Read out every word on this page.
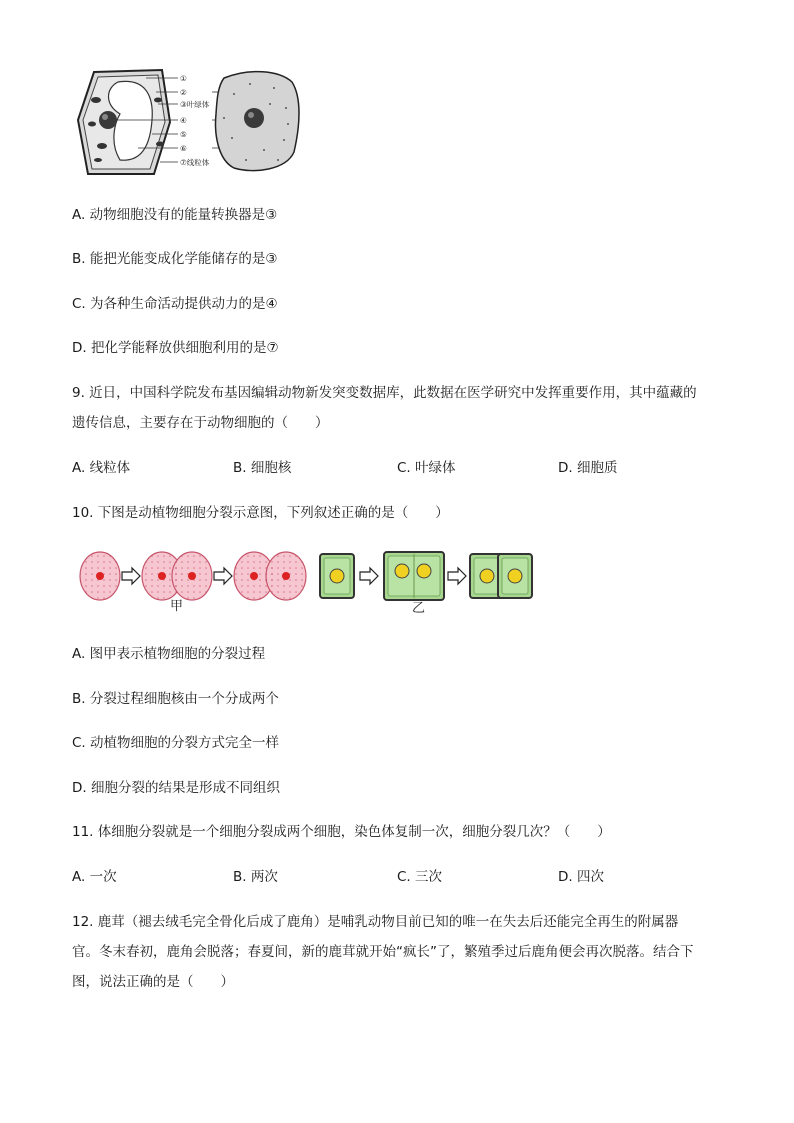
①
②
③叶绿体
④
⑤
⑥
⑦线粒体
A. 动物细胞没有的能量转换器是③
B. 能把光能变成化学能储存的是③
C. 为各种生命活动提供动力的是④
D. 把化学能释放供细胞利用的是⑦
9. 近日，中国科学院发布基因编辑动物新发突变数据库，此数据在医学研究中发挥重要作用，其中蕴藏的
遗传信息，主要存在于动物细胞的（　　）
A. 线粒体	B. 细胞核	C. 叶绿体	D. 细胞质
10. 下图是动植物细胞分裂示意图，下列叙述正确的是（　　）
甲	乙
A. 图甲表示植物细胞的分裂过程
B. 分裂过程细胞核由一个分成两个
C. 动植物细胞的分裂方式完全一样
D. 细胞分裂的结果是形成不同组织
11. 体细胞分裂就是一个细胞分裂成两个细胞，染色体复制一次，细胞分裂几次？（　　）
A. 一次	B. 两次	C. 三次	D. 四次
12. 鹿茸（褪去绒毛完全骨化后成了鹿角）是哺乳动物目前已知的唯一在失去后还能完全再生的附属器
官。冬末春初，鹿角会脱落；春夏间，新的鹿茸就开始“疯长”了，繁殖季过后鹿角便会再次脱落。结合下
图，说法正确的是（　　）
